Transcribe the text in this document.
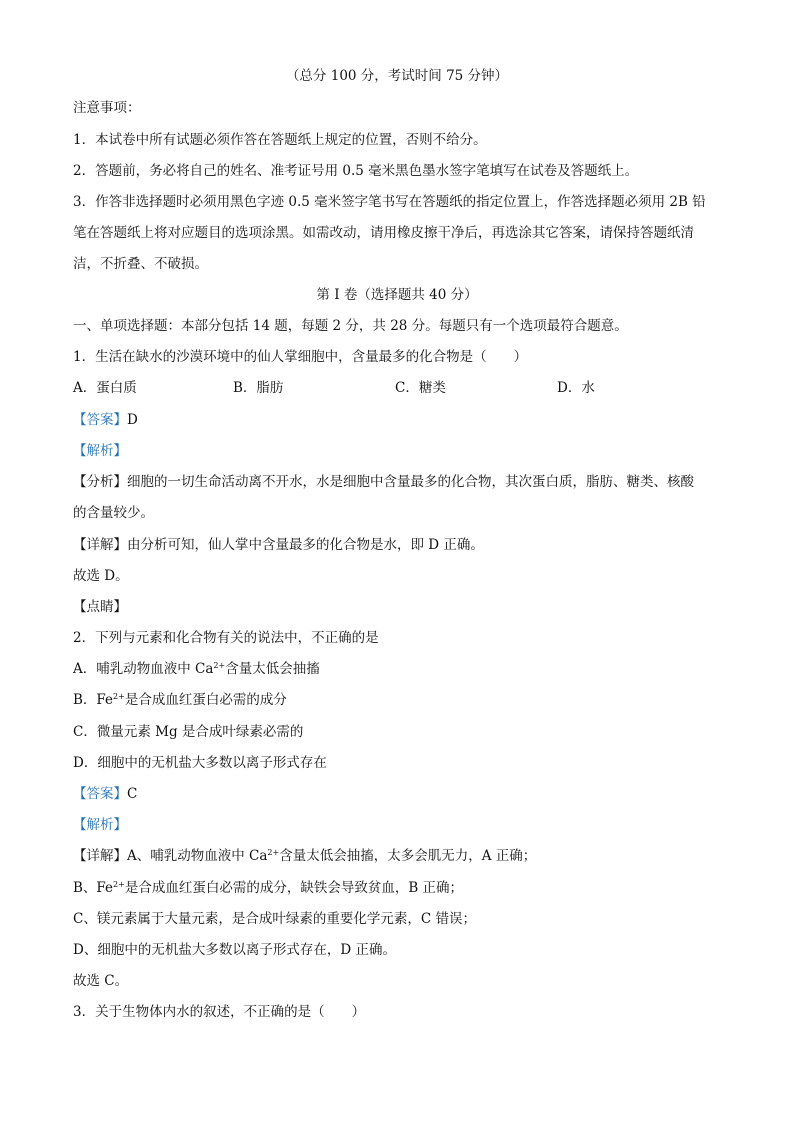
（总分 100 分，考试时间 75 分钟）
注意事项：
1．本试卷中所有试题必须作答在答题纸上规定的位置，否则不给分。
2．答题前，务必将自己的姓名、准考证号用 0.5 毫米黑色墨水签字笔填写在试卷及答题纸上。
3．作答非选择题时必须用黑色字迹 0.5 毫米签字笔书写在答题纸的指定位置上，作答选择题必须用 2B 铅
笔在答题纸上将对应题目的选项涂黑。如需改动，请用橡皮擦干净后，再选涂其它答案，请保持答题纸清
洁，不折叠、不破损。
第 I 卷（选择题共 40 分）
一、单项选择题：本部分包括 14 题，每题 2 分，共 28 分。每题只有一个选项最符合题意。
1．生活在缺水的沙漠环境中的仙人掌细胞中，含量最多的化合物是（　　）
A．蛋白质	B．脂肪	C．糖类	D．水
【答案】D
【解析】
【分析】细胞的一切生命活动离不开水，水是细胞中含量最多的化合物，其次蛋白质，脂肪、糖类、核酸
的含量较少。
【详解】由分析可知，仙人掌中含量最多的化合物是水，即 D 正确。
故选 D。
【点睛】
2．下列与元素和化合物有关的说法中，不正确的是
A．哺乳动物血液中 $Ca^{2+}$含量太低会抽搐
B．$Fe^{2+}$是合成血红蛋白必需的成分
C．微量元素 Mg 是合成叶绿素必需的
D．细胞中的无机盐大多数以离子形式存在
【答案】C
【解析】
【详解】A、哺乳动物血液中 $Ca^{2+}$含量太低会抽搐，太多会肌无力，A 正确；
B、$Fe^{2+}$是合成血红蛋白必需的成分，缺铁会导致贫血，B 正确；
C、镁元素属于大量元素，是合成叶绿素的重要化学元素，C 错误；
D、细胞中的无机盐大多数以离子形式存在，D 正确。
故选 C。
3．关于生物体内水的叙述，不正确的是（　　）
